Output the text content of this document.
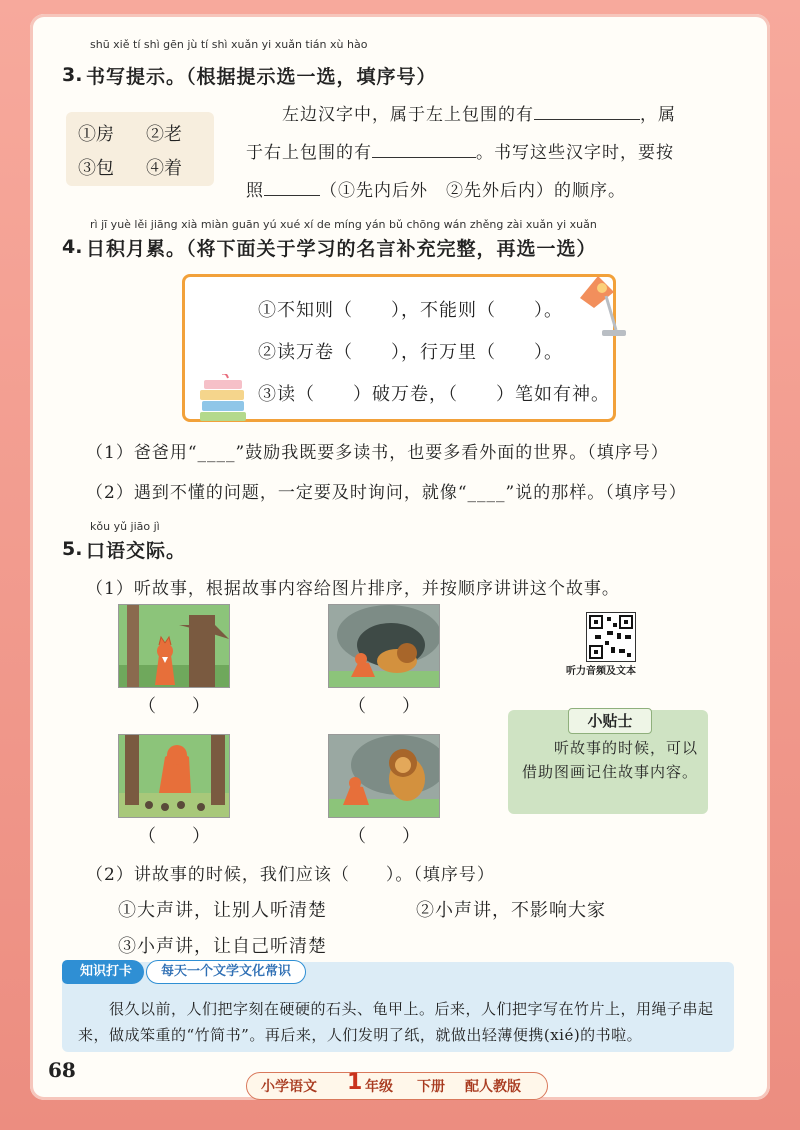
shū xiě tí shì gēn jù tí shì xuǎn yi xuǎn tián xù hào
3. 书写提示。（根据提示选一选，填序号）
①房 ②老
③包 ④着
左边汉字中，属于左上包围的有	，属
于右上包围的有	。书写这些汉字时，要按
照	（①先内后外　②先外后内）的顺序。
rì jī yuè lěi jiāng xià miàn guān yú xué xí de míng yán bǔ chōng wán zhěng zài xuǎn yi xuǎn
4. 日积月累。（将下面关于学习的名言补充完整，再选一选）
①不知则（　　），不能则（　　）。
②读万卷（　　），行万里（　　）。
③读（　　）破万卷，（　　）笔如有神。
（1）爸爸用“____”鼓励我既要多读书，也要多看外面的世界。（填序号）
（2）遇到不懂的问题，一定要及时询问，就像“____”说的那样。（填序号）
kǒu yǔ jiāo jì
5. 口语交际。
（1）听故事，根据故事内容给图片排序，并按顺序讲讲这个故事。
（　　）	（　　）
听力音频及文本
（　　）	（　　）
小贴士
　　听故事的时候，可以借助图画记住故事内容。
（2）讲故事的时候，我们应该（　　）。（填序号）
①大声讲，让别人听清楚	②小声讲，不影响大家
③小声讲，让自己听清楚
知识打卡	每天一个文学文化常识
　　很久以前，人们把字刻在硬硬的石头、龟甲上。后来，人们把字写在竹片上，用绳子串起来，做成笨重的“竹简书”。再后来，人们发明了纸，就做出轻薄便携(xié)的书啦。
68
小学语文 1 年级 下册 配人教版
